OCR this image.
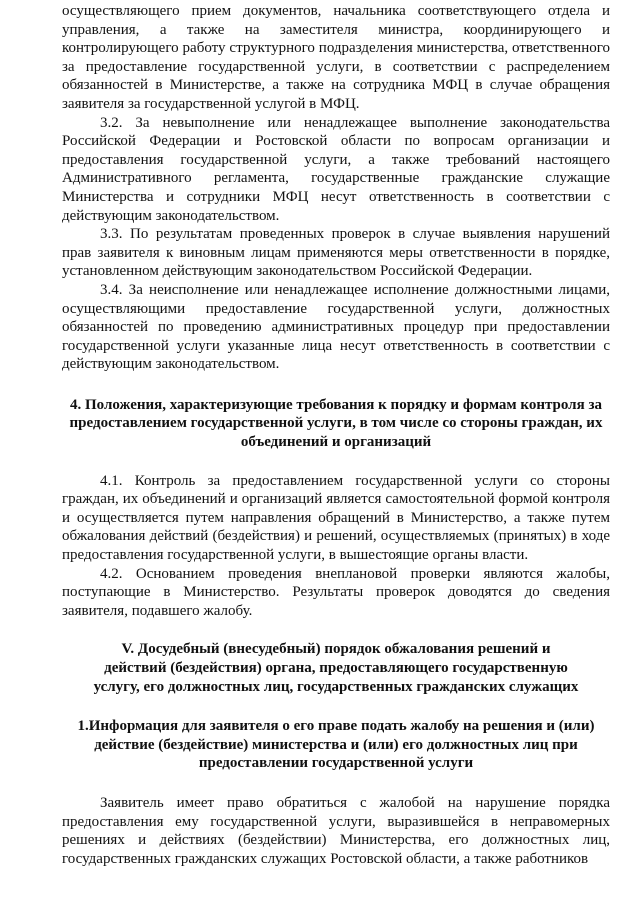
осуществляющего прием документов, начальника соответствующего отдела и управления, а также на заместителя министра, координирующего и контролирующего работу структурного подразделения министерства, ответственного за предоставление государственной услуги, в соответствии с распределением обязанностей в Министерстве, а также на сотрудника МФЦ в случае обращения заявителя за государственной услугой в МФЦ.

3.2. За невыполнение или ненадлежащее выполнение законодательства Российской Федерации и Ростовской области по вопросам организации и предоставления государственной услуги, а также требований настоящего Административного регламента, государственные гражданские служащие Министерства и сотрудники МФЦ несут ответственность в соответствии с действующим законодательством.

3.3. По результатам проведенных проверок в случае выявления нарушений прав заявителя к виновным лицам применяются меры ответственности в порядке, установленном действующим законодательством Российской Федерации.

3.4. За неисполнение или ненадлежащее исполнение должностными лицами, осуществляющими предоставление государственной услуги, должностных обязанностей по проведению административных процедур при предоставлении государственной услуги указанные лица несут ответственность в соответствии с действующим законодательством.

4. Положения, характеризующие требования к порядку и формам контроля за предоставлением государственной услуги, в том числе со стороны граждан, их объединений и организаций

4.1. Контроль за предоставлением государственной услуги со стороны граждан, их объединений и организаций является самостоятельной формой контроля и осуществляется путем направления обращений в Министерство, а также путем обжалования действий (бездействия) и решений, осуществляемых (принятых) в ходе предоставления государственной услуги, в вышестоящие органы власти.

4.2. Основанием проведения внеплановой проверки являются жалобы, поступающие в Министерство. Результаты проверок доводятся до сведения заявителя, подавшего жалобу.

V. Досудебный (внесудебный) порядок обжалования решений и действий (бездействия) органа, предоставляющего государственную услугу, его должностных лиц, государственных гражданских служащих

1.Информация для заявителя о его праве подать жалобу на решения и (или) действие (бездействие) министерства и (или) его должностных лиц при предоставлении государственной услуги

Заявитель имеет право обратиться с жалобой на нарушение порядка предоставления ему государственной услуги, выразившейся в неправомерных решениях и действиях (бездействии) Министерства, его должностных лиц, государственных гражданских служащих Ростовской области, а также работников
